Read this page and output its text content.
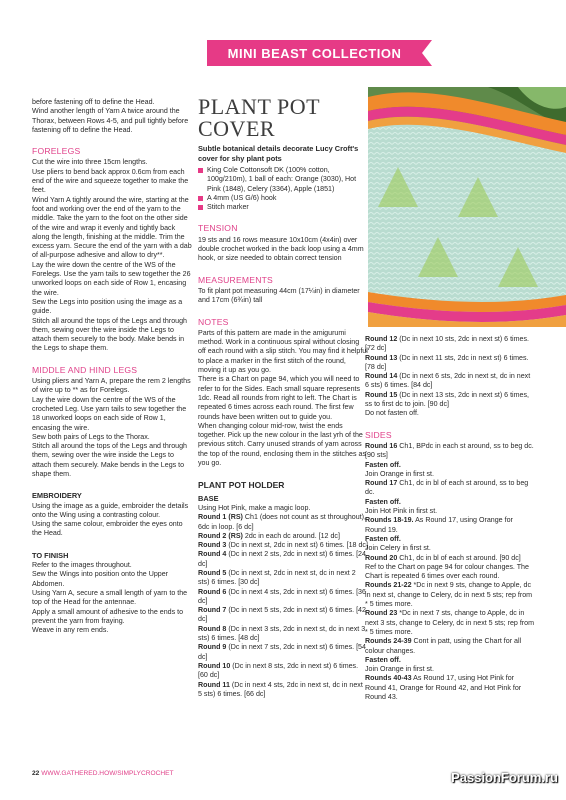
MINI BEAST COLLECTION

before fastening off to define the Head.

Wind another length of Yarn A twice around the Thorax, between Rows 4-5, and pull tightly before fastening off to define the Head.

FORELEGS

Cut the wire into three 15cm lengths.

Use pliers to bend back approx 0.6cm from each end of the wire and squeeze together to make the feet.

Wind Yarn A tightly around the wire, starting at the foot and working over the end of the yarn to the middle. Take the yarn to the foot on the other side of the wire and wrap it evenly and tightly back along the length, finishing at the middle. Trim the excess yarn. Secure the end of the yarn with a dab of all-purpose adhesive and allow to dry**.

Lay the wire down the centre of the WS of the Forelegs. Use the yarn tails to sew together the 26 unworked loops on each side of Row 1, encasing the wire.

Sew the Legs into position using the image as a guide.

Stitch all around the tops of the Legs and through them, sewing over the wire inside the Legs to attach them securely to the body. Make bends in the Legs to shape them.

MIDDLE AND HIND LEGS

Using pliers and Yarn A, prepare the rem 2 lengths of wire up to ** as for Forelegs.

Lay the wire down the centre of the WS of the crocheted Leg. Use yarn tails to sew together the 18 unworked loops on each side of Row 1, encasing the wire.

Sew both pairs of Legs to the Thorax.

Stitch all around the tops of the Legs and through them, sewing over the wire inside the Legs to attach them securely. Make bends in the Legs to shape them.

EMBROIDERY

Using the image as a guide, embroider the details onto the Wing using a contrasting colour.

Using the same colour, embroider the eyes onto the Head.

TO FINISH

Refer to the images throughout.

Sew the Wings into position onto the Upper Abdomen.

Using Yarn A, secure a small length of yarn to the top of the Head for the antennae.

Apply a small amount of adhesive to the ends to prevent the yarn from fraying.

Weave in any rem ends.

PLANT POT COVER
Subtle botanical details decorate Lucy Croft's cover for shy plant pots

King Cole Cottonsoft DK (100% cotton, 100g/210m), 1 ball of each: Orange (3030), Hot Pink (1848), Celery (3364), Apple (1851)

A 4mm (US G/6) hook

Stitch marker

TENSION

19 sts and 16 rows measure 10x10cm (4x4in) over double crochet worked in the back loop using a 4mm hook, or size needed to obtain correct tension

MEASUREMENTS

To fit plant pot measuring 44cm (17¼in) in diameter and 17cm (6¾in) tall

NOTES

Parts of this pattern are made in the amigurumi method. Work in a continuous spiral without closing off each round with a slip stitch. You may find it helpful to place a marker in the first stitch of the round, moving it up as you go.

There is a Chart on page 94, which you will need to refer to for the Sides. Each small square represents 1dc. Read all rounds from right to left. The Chart is repeated 6 times across each round. The first few rounds have been written out to guide you.

When changing colour mid-row, twist the ends together. Pick up the new colour in the last yrh of the previous stitch. Carry unused strands of yarn across the top of the round, enclosing them in the stitches as you go.

PLANT POT HOLDER
BASE

Using Hot Pink, make a magic loop.

Round 1 (RS) Ch1 (does not count as st throughout), 6dc in loop. [6 dc]

Round 2 (RS) 2dc in each dc around. [12 dc]

Round 3 (Dc in next st, 2dc in next st) 6 times. [18 dc]

Round 4 (Dc in next 2 sts, 2dc in next st) 6 times. [24 dc]

Round 5 (Dc in next st, 2dc in next st, dc in next 2 sts) 6 times. [30 dc]

Round 6 (Dc in next 4 sts, 2dc in next st) 6 times. [36 dc]

Round 7 (Dc in next 5 sts, 2dc in next st) 6 times. [42 dc]

Round 8 (Dc in next 3 sts, 2dc in next st, dc in next 3 sts) 6 times. [48 dc]

Round 9 (Dc in next 7 sts, 2dc in next st) 6 times. [54 dc]

Round 10 (Dc in next 8 sts, 2dc in next st) 6 times. [60 dc]

Round 11 (Dc in next 4 sts, 2dc in next st, dc in next 5 sts) 6 times. [66 dc]

Round 12 (Dc in next 10 sts, 2dc in next st) 6 times. [72 dc]

Round 13 (Dc in next 11 sts, 2dc in next st) 6 times. [78 dc]

Round 14 (Dc in next 6 sts, 2dc in next st, dc in next 6 sts) 6 times. [84 dc]

Round 15 (Dc in next 13 sts, 2dc in next st) 6 times, ss to first dc to join. [90 dc]

Do not fasten off.

SIDES

Round 16 Ch1, BPdc in each st around, ss to beg dc. [90 sts]

Fasten off.

Join Orange in first st.

Round 17 Ch1, dc in bl of each st around, ss to beg dc.

Fasten off.

Join Hot Pink in first st.

Rounds 18-19. As Round 17, using Orange for Round 19.

Fasten off.

Join Celery in first st.

Round 20 Ch1, dc in bl of each st around. [90 dc]

Ref to the Chart on page 94 for colour changes. The Chart is repeated 6 times over each round.

Rounds 21-22 *Dc in next 9 sts, change to Apple, dc in next st, change to Celery, dc in next 5 sts; rep from * 5 times more.

Round 23 *Dc in next 7 sts, change to Apple, dc in next 3 sts, change to Celery, dc in next 5 sts; rep from * 5 times more.

Rounds 24-39 Cont in patt, using the Chart for all colour changes.

Fasten off.

Join Orange in first st.

Rounds 40-43 As Round 17, using Hot Pink for Round 41, Orange for Round 42, and Hot Pink for Round 43.

22 WWW.GATHERED.HOW/SIMPLYCROCHET	PassionForum.ru
